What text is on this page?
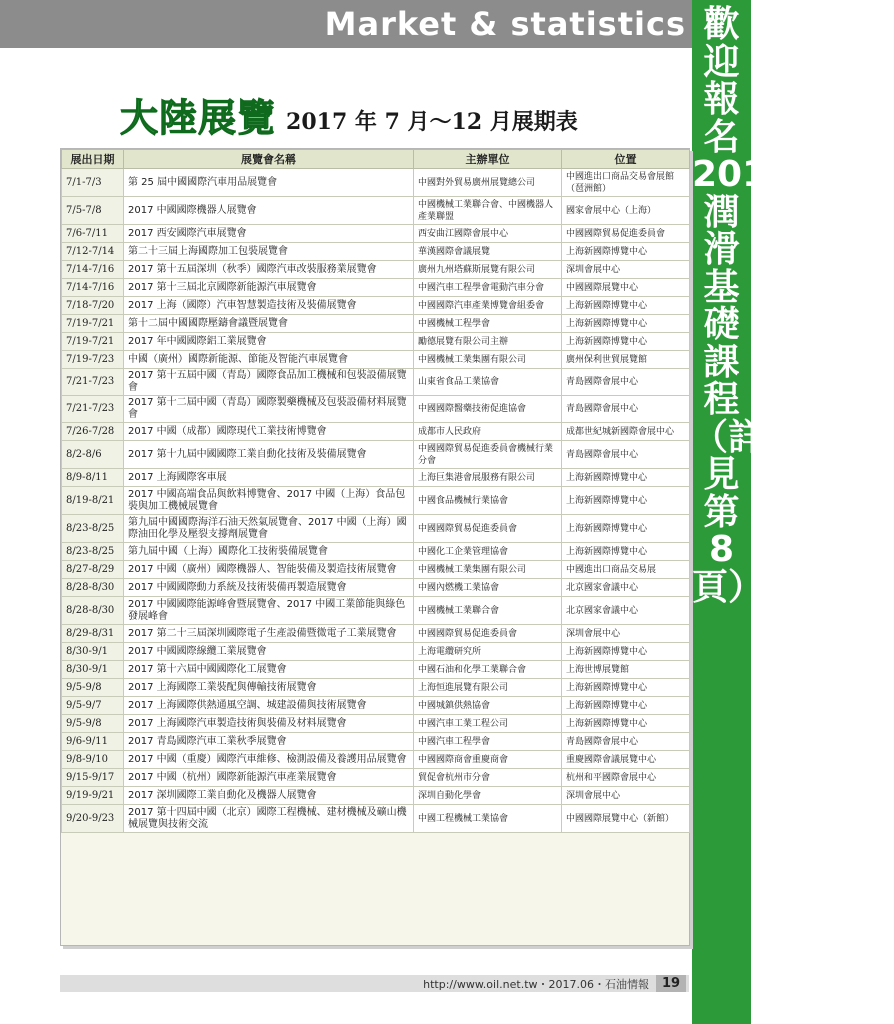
Market & statistics 歡迎報名 2017/6/22 潤滑基礎課程（詳見第8頁）
大陸展覽 2017 年 7 月～12 月展期表
展出日期	展覽會名稱	主辦單位	位置
7/1-7/3	第 25 屆中國國際汽車用品展覽會	中國對外貿易廣州展覽總公司	中國進出口商品交易會展館（琶洲館）
7/5-7/8	2017 中國國際機器人展覽會	中國機械工業聯合會、中國機器人產業聯盟	國家會展中心（上海）
7/6-7/11	2017 西安國際汽車展覽會	西安曲江國際會展中心	中國國際貿易促進委員會
7/12-7/14	第二十三屆上海國際加工包裝展覽會	華漢國際會議展覽	上海新國際博覽中心
7/14-7/16	2017 第十五屆深圳（秋季）國際汽車改裝服務業展覽會	廣州九州塔蘇斯展覽有限公司	深圳會展中心
7/14-7/16	2017 第十三屆北京國際新能源汽車展覽會	中國汽車工程學會電動汽車分會	中國國際展覽中心
7/18-7/20	2017 上海（國際）汽車智慧製造技術及裝備展覽會	中國國際汽車產業博覽會組委會	上海新國際博覽中心
7/19-7/21	第十二屆中國國際壓鑄會議暨展覽會	中國機械工程學會	上海新國際博覽中心
7/19-7/21	2017 年中國國際鋁工業展覽會	勵德展覽有限公司主辦	上海新國際博覽中心
7/19-7/23	中國（廣州）國際新能源、節能及智能汽車展覽會	中國機械工業集團有限公司	廣州保利世貿展覽館
7/21-7/23	2017 第十五屆中國（青島）國際食品加工機械和包裝設備展覽會	山東省食品工業協會	青島國際會展中心
7/21-7/23	2017 第十二屆中國（青島）國際製藥機械及包裝設備材料展覽會	中國國際醫藥技術促進協會	青島國際會展中心
7/26-7/28	2017 中國（成都）國際現代工業技術博覽會	成都市人民政府	成都世紀城新國際會展中心
8/2-8/6	2017 第十九屆中國國際工業自動化技術及裝備展覽會	中國國際貿易促進委員會機械行業分會	青島國際會展中心
8/9-8/11	2017 上海國際客車展	上海巨集港會展服務有限公司	上海新國際博覽中心
8/19-8/21	2017 中國高端食品與飲料博覽會、2017 中國（上海）食品包裝與加工機械展覽會	中國食品機械行業協會	上海新國際博覽中心
8/23-8/25	第九屆中國國際海洋石油天然氣展覽會、2017 中國（上海）國際油田化學及壓裂支撐劑展覽會	中國國際貿易促進委員會	上海新國際博覽中心
8/23-8/25	第九屆中國（上海）國際化工技術裝備展覽會	中國化工企業管理協會	上海新國際博覽中心
8/27-8/29	2017 中國（廣州）國際機器人、智能裝備及製造技術展覽會	中國機械工業集團有限公司	中國進出口商品交易展
8/28-8/30	2017 中國國際動力系統及技術裝備再製造展覽會	中國內燃機工業協會	北京國家會議中心
8/28-8/30	2017 中國國際能源峰會暨展覽會、2017 中國工業節能與綠色發展峰會	中國機械工業聯合會	北京國家會議中心
8/29-8/31	2017 第二十三屆深圳國際電子生產設備暨微電子工業展覽會	中國國際貿易促進委員會	深圳會展中心
8/30-9/1	2017 中國國際線纜工業展覽會	上海電纜研究所	上海新國際博覽中心
8/30-9/1	2017 第十六屆中國國際化工展覽會	中國石油和化學工業聯合會	上海世博展覽館
9/5-9/8	2017 上海國際工業裝配與傳輸技術展覽會	上海恒進展覽有限公司	上海新國際博覽中心
9/5-9/7	2017 上海國際供熱通風空調、城建設備與技術展覽會	中國城鎮供熱協會	上海新國際博覽中心
9/5-9/8	2017 上海國際汽車製造技術與裝備及材料展覽會	中國汽車工業工程公司	上海新國際博覽中心
9/6-9/11	2017 青島國際汽車工業秋季展覽會	中國汽車工程學會	青島國際會展中心
9/8-9/10	2017 中國（重慶）國際汽車維修、檢測設備及養護用品展覽會	中國國際商會重慶商會	重慶國際會議展覽中心
9/15-9/17	2017 中國（杭州）國際新能源汽車產業展覽會	貿促會杭州市分會	杭州和平國際會展中心
9/19-9/21	2017 深圳國際工業自動化及機器人展覽會	深圳自動化學會	深圳會展中心
9/20-9/23	2017 第十四屆中國（北京）國際工程機械、建材機械及礦山機械展覽與技術交流	中國工程機械工業協會	中國國際展覽中心（新館）
http://www.oil.net.tw・2017.06・石油情報 19
